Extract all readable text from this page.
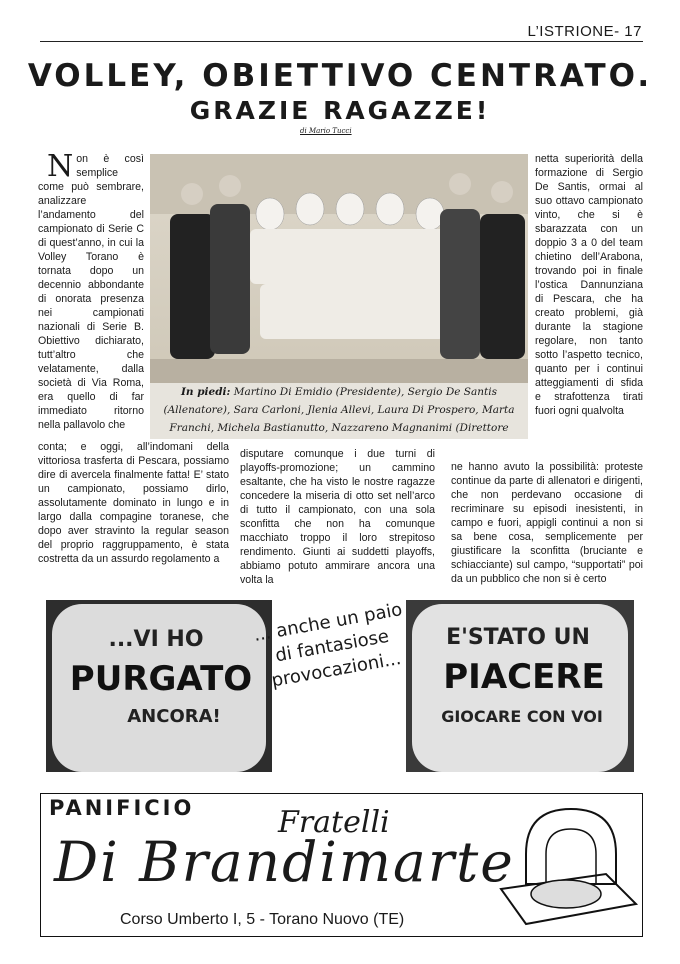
L’ISTRIONE- 17
VOLLEY, OBIETTIVO CENTRATO.
GRAZIE RAGAZZE!
di Mario Tucci
Non è così semplice come può sembrare, analizzare l’andamento del campionato di Serie C di quest’anno, in cui la Volley Torano è tornata dopo un decennio abbondante di onorata presenza nei campionati nazionali di Serie B. Obiettivo dichiarato, tutt’altro che velatamente, dalla società di Via Roma, era quello di far immediato ritorno nella pallavolo che
In piedi: Martino Di Emidio (Presidente), Sergio De Santis (Allenatore), Sara Carloni, Jlenia Allevi, Laura Di Prospero, Marta Franchi, Michela Bastianutto, Nazzareno Magnanimi (Direttore
netta superiorità della formazione di Sergio De Santis, ormai al suo ottavo campionato vinto, che si è sbarazzata con un doppio 3 a 0 del team chietino dell’Arabona, trovando poi in finale l’ostica Dannunziana di Pescara, che ha creato problemi, già durante la stagione regolare, non tanto sotto l’aspetto tecnico, quanto per i continui atteggiamenti di sfida e strafottenza tirati fuori ogni qualvolta
conta; e oggi, all’indomani della vittoriosa trasferta di Pescara, possiamo dire di avercela finalmente fatta! E’ stato un campionato, possiamo dirlo, assolutamente dominato in lungo e in largo dalla compagine toranese, che dopo aver stravinto la regular season del proprio raggruppamento, è stata costretta da un assurdo regolamento a
disputare comunque i due turni di playoffs-promozione; un cammino esaltante, che ha visto le nostre ragazze concedere la miseria di otto set nell’arco di tutto il campionato, con una sola sconfitta che non ha comunque macchiato troppo il loro strepitoso rendimento. Giunti ai suddetti playoffs, abbiamo potuto ammirare ancora una volta la
ne hanno avuto la possibilità: proteste continue da parte di allenatori e dirigenti, che non perdevano occasione di recriminare su episodi inesistenti, in campo e fuori, appigli continui a non si sa bene cosa, semplicemente per giustificare la sconfitta (bruciante e schiacciante) sul campo, “supportati” poi da un pubblico che non si è certo
...VI HO
PURGATO
ANCORA!
... anche un paio di fantasiose provocazioni...
E'STATO UN
PIACERE
GIOCARE CON VOI
PANIFICIO	Fratelli
Di Brandimarte
Corso Umberto I, 5 - Torano Nuovo (TE)
